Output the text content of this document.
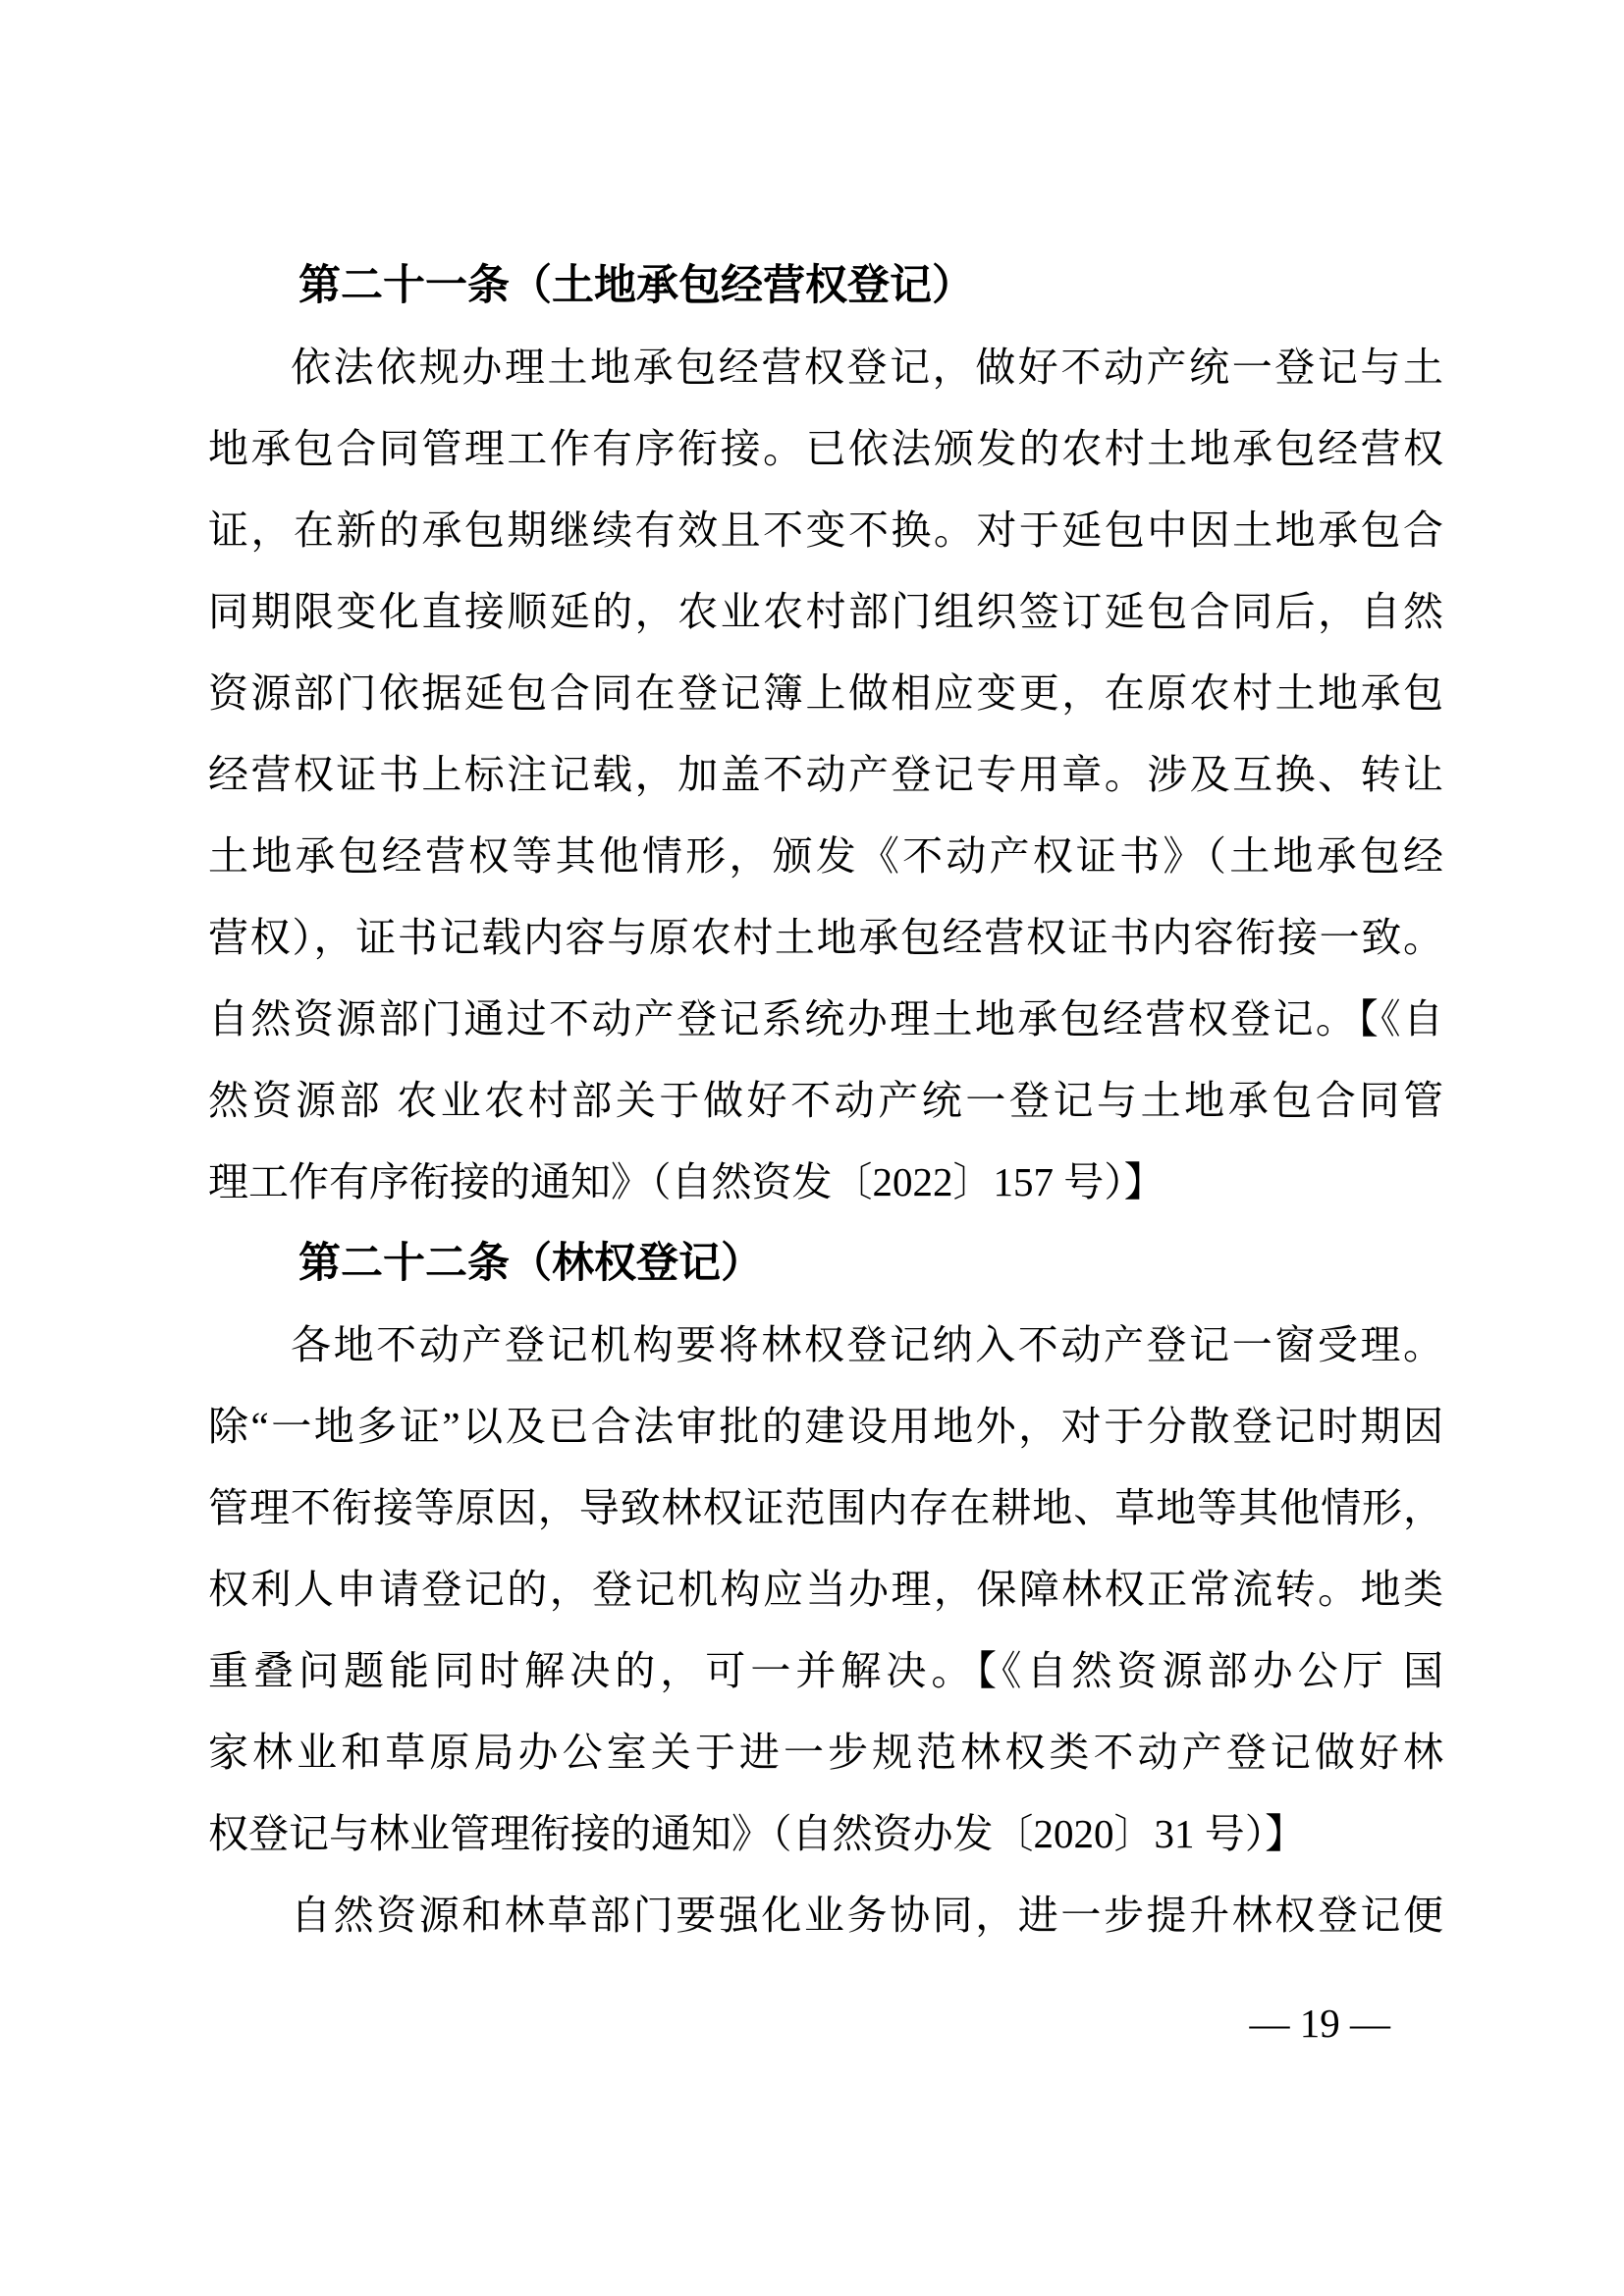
第二十一条（土地承包经营权登记）
依法依规办理土地承包经营权登记，做好不动产统一登记与土
地承包合同管理工作有序衔接。已依法颁发的农村土地承包经营权
证，在新的承包期继续有效且不变不换。对于延包中因土地承包合
同期限变化直接顺延的，农业农村部门组织签订延包合同后，自然
资源部门依据延包合同在登记簿上做相应变更，在原农村土地承包
经营权证书上标注记载，加盖不动产登记专用章。涉及互换、转让
土地承包经营权等其他情形，颁发《不动产权证书》（土地承包经
营权），证书记载内容与原农村土地承包经营权证书内容衔接一致。
自然资源部门通过不动产登记系统办理土地承包经营权登记。【《自
然资源部 农业农村部关于做好不动产统一登记与土地承包合同管
理工作有序衔接的通知》（自然资发〔2022〕157 号）】
第二十二条（林权登记）
各地不动产登记机构要将林权登记纳入不动产登记一窗受理。
除“一地多证”以及已合法审批的建设用地外，对于分散登记时期因
管理不衔接等原因，导致林权证范围内存在耕地、草地等其他情形，
权利人申请登记的，登记机构应当办理，保障林权正常流转。地类
重叠问题能同时解决的，可一并解决。【《自然资源部办公厅 国
家林业和草原局办公室关于进一步规范林权类不动产登记做好林
权登记与林业管理衔接的通知》（自然资办发〔2020〕31 号）】
自然资源和林草部门要强化业务协同，进一步提升林权登记便
— 19 —
